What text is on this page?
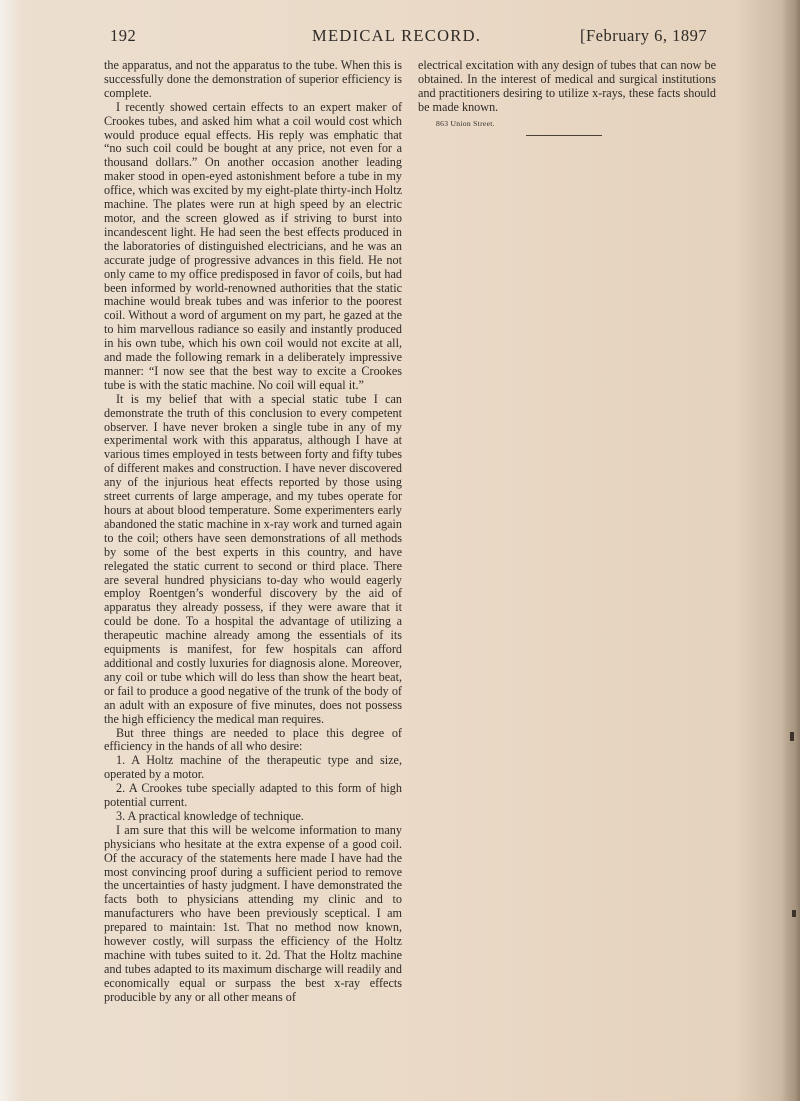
192	MEDICAL RECORD.	[February 6, 1897

the apparatus, and not the apparatus to the tube. When this is successfully done the demonstration of superior efficiency is complete.

I recently showed certain effects to an expert maker of Crookes tubes, and asked him what a coil would cost which would produce equal effects. His reply was emphatic that “no such coil could be bought at any price, not even for a thousand dollars.” On another occasion another leading maker stood in open-eyed astonishment before a tube in my office, which was excited by my eight-plate thirty-inch Holtz machine. The plates were run at high speed by an electric motor, and the screen glowed as if striving to burst into incandescent light. He had seen the best effects produced in the laboratories of distinguished electricians, and he was an accurate judge of progressive advances in this field. He not only came to my office predisposed in favor of coils, but had been informed by world-renowned authorities that the static machine would break tubes and was inferior to the poorest coil. Without a word of argument on my part, he gazed at the to him marvellous radiance so easily and instantly produced in his own tube, which his own coil would not excite at all, and made the following remark in a deliberately impressive manner: “I now see that the best way to excite a Crookes tube is with the static machine. No coil will equal it.”

It is my belief that with a special static tube I can demonstrate the truth of this conclusion to every competent observer. I have never broken a single tube in any of my experimental work with this apparatus, although I have at various times employed in tests between forty and fifty tubes of different makes and construction. I have never discovered any of the injurious heat effects reported by those using street currents of large amperage, and my tubes operate for hours at about blood temperature. Some experimenters early abandoned the static machine in x-ray work and turned again to the coil; others have seen demonstrations of all methods by some of the best experts in this country, and have relegated the static current to second or third place. There are several hundred physicians to-day who would eagerly employ Roentgen’s wonderful discovery by the aid of apparatus they already possess, if they were aware that it could be done. To a hospital the advantage of utilizing a therapeutic machine already among the essentials of its equipments is manifest, for few hospitals can afford additional and costly luxuries for diagnosis alone. Moreover, any coil or tube which will do less than show the heart beat, or fail to produce a good negative of the trunk of the body of an adult with an exposure of five minutes, does not possess the high efficiency the medical man requires.

But three things are needed to place this degree of efficiency in the hands of all who desire:

1. A Holtz machine of the therapeutic type and size, operated by a motor.

2. A Crookes tube specially adapted to this form of high potential current.

3. A practical knowledge of technique.

I am sure that this will be welcome information to many physicians who hesitate at the extra expense of a good coil. Of the accuracy of the statements here made I have had the most convincing proof during a sufficient period to remove the uncertainties of hasty judgment. I have demonstrated the facts both to physicians attending my clinic and to manufacturers who have been previously sceptical. I am prepared to maintain: 1st. That no method now known, however costly, will surpass the efficiency of the Holtz machine with tubes suited to it. 2d. That the Holtz machine and tubes adapted to its maximum discharge will readily and economically equal or surpass the best x-ray effects producible by any or all other means of

electrical excitation with any design of tubes that can now be obtained. In the interest of medical and surgical institutions and practitioners desiring to utilize x-rays, these facts should be made known.

863 Union Street.
